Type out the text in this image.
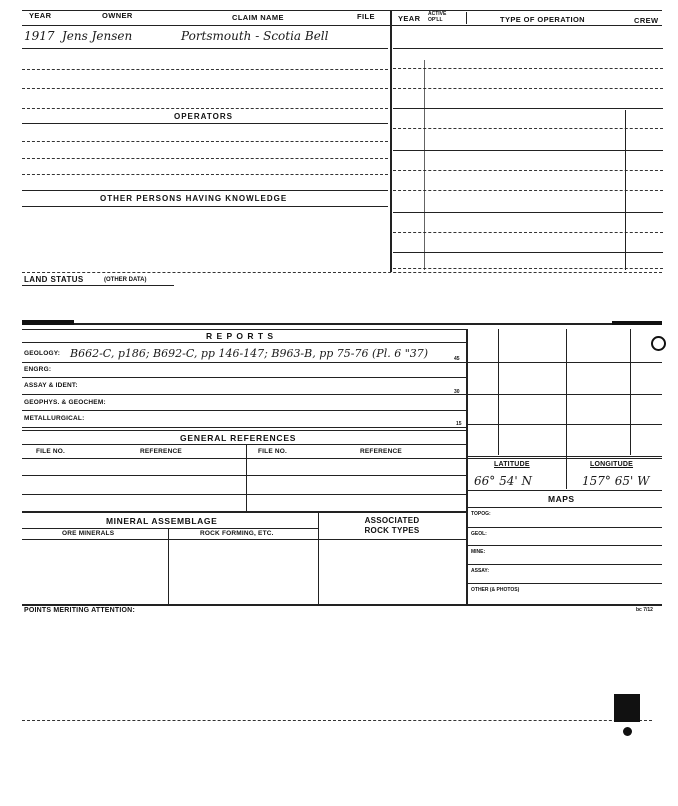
YEAR	OWNER	CLAIM NAME	FILE	YEAR ACTIVE OP'LL	TYPE OF OPERATION	CREW
1917 Jens Jensen	Portsmouth - Scotia Bell
OPERATORS
OTHER PERSONS HAVING KNOWLEDGE
LAND STATUS	(OTHER DATA)
R E P O R T S
GEOLOGY: B662-C, p186; B692-C, pp 146-147; B963-B, pp 75-76 (Pl. 6 "37)	45
ENGRG:
ASSAY & IDENT:
30
GEOPHYS. & GEOCHEM:
METALLURGICAL:
15
GENERAL REFERENCES
FILE NO.	REFERENCE	FILE NO.	REFERENCE
LATITUDE	LONGITUDE
66° 54' N	157° 65' W
MAPS
TOPOG:
GEOL:
MINE:
ASSAY:
OTHER (& PHOTOS)
MINERAL ASSEMBLAGE	ASSOCIATED ROCK TYPES
ORE MINERALS	ROCK FORMING, ETC.
POINTS MERITING ATTENTION:	bc 7/12
